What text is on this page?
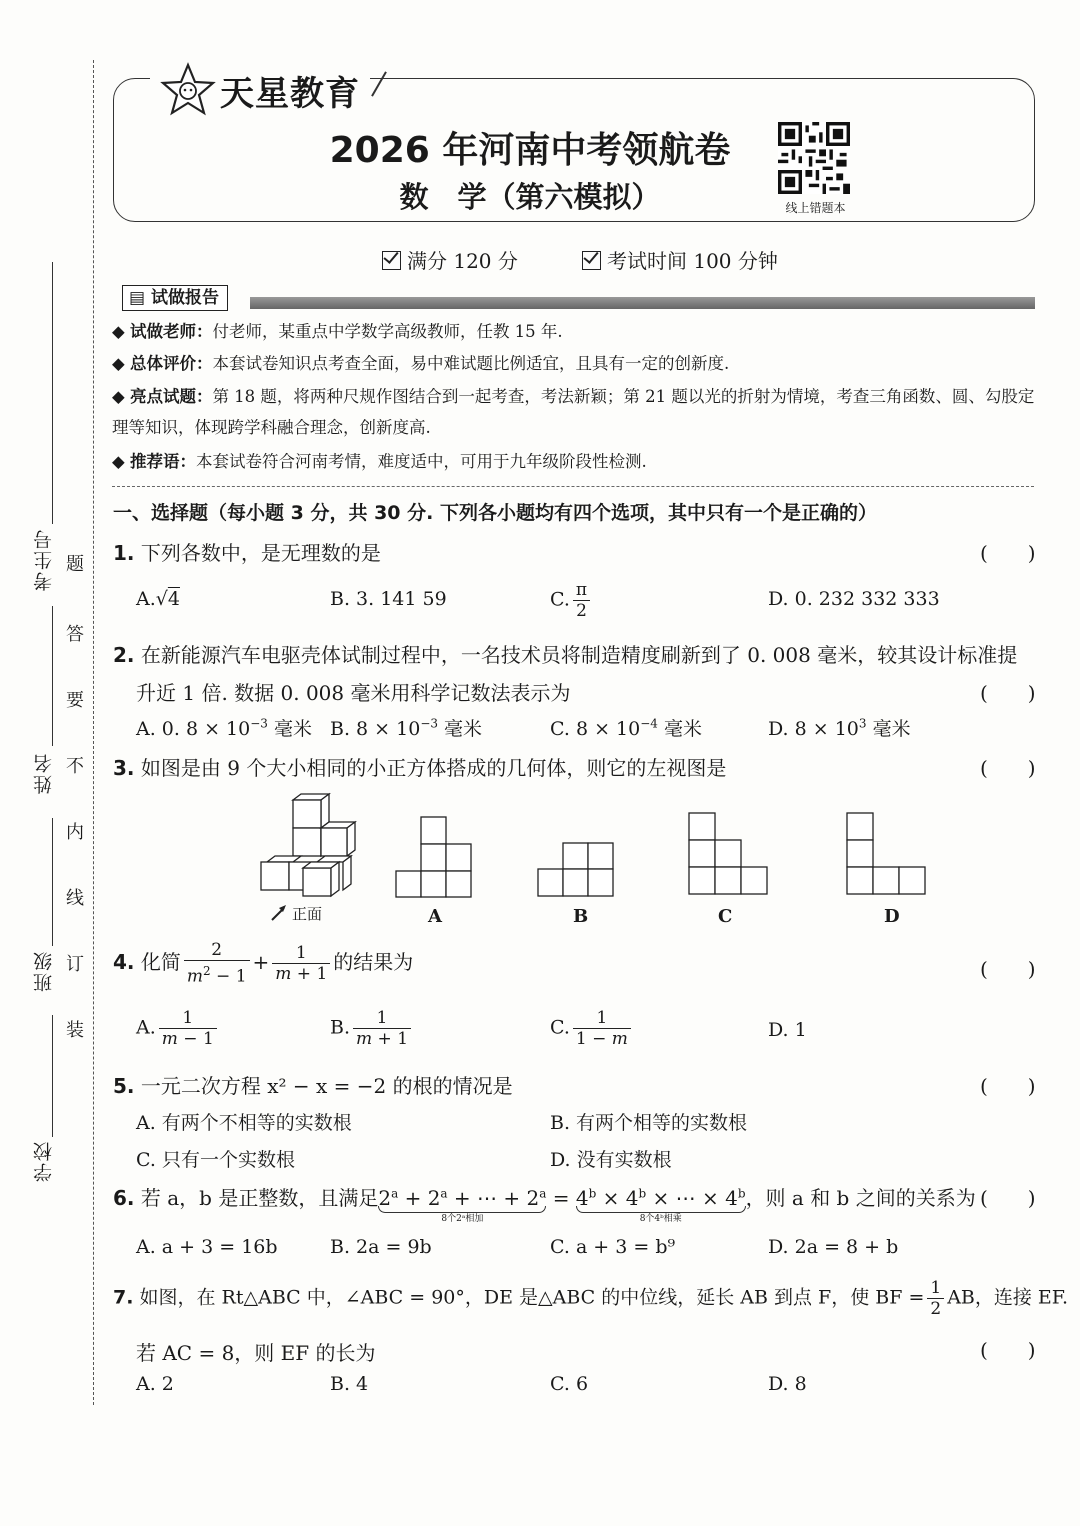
考生号
姓名
班级
学校
题
答
要
不
内
线
订
装
天星教育
2026 年河南中考领航卷
数　学（第六模拟）	线上错题本
满分 120 分	考试时间 100 分钟
▤ 试做报告
◆ 试做老师：付老师，某重点中学数学高级教师，任教 15 年.
◆ 总体评价：本套试卷知识点考查全面，易中难试题比例适宜，且具有一定的创新度.
◆ 亮点试题：第 18 题，将两种尺规作图结合到一起考查，考法新颖；第 21 题以光的折射为情境，考查三角函数、圆、勾股定理等知识，体现跨学科融合理念，创新度高.
◆ 推荐语：本套试卷符合河南考情，难度适中，可用于九年级阶段性检测.
一、选择题（每小题 3 分，共 30 分. 下列各小题均有四个选项，其中只有一个是正确的）
1. 下列各数中，是无理数的是	(　　)
A.√4	B. 3. 141 59	C. $\frac{\pi}{2}$	D. 0. 232 332 333
2. 在新能源汽车电驱壳体试制过程中，一名技术员将制造精度刷新到了 0. 008 毫米，较其设计标准提
升近 1 倍. 数据 0. 008 毫米用科学记数法表示为	(　　)
A. 0. $8 \times 10^{-3}$ 毫米 B. $8 \times 10^{-3}$ 毫米	C. $8 \times 10^{-4}$ 毫米	D. $8 \times 10^3$ 毫米
3. 如图是由 9 个大小相同的小正方体搭成的几何体，则它的左视图是	(　　)
正面	A	B	C	D
4. 化简 $\frac{2}{m^2 - 1} + \frac{1}{m + 1}$ 的结果为	(　　)
A. $\frac{1}{m - 1}$	B. $\frac{1}{m + 1}$	C. $\frac{1}{1 - m}$	D. 1
5. 一元二次方程 x² − x = −2 的根的情况是	(　　)
A. 有两个不相等的实数根	B. 有两个相等的实数根
C. 只有一个实数根	D. 没有实数根
6. 若 a，b 是正整数，且满足$2^a + 2^a$ + ⋯ + $2^a$
8个2ᵃ相加
= $4^b \times 4^b$ × ⋯ × $4^b$
8个4ᵇ相乘
，则 a 和 b 之间的关系为 (　　)
A. a + 3 = 16b	B. 2a = 9b	C. a + 3 = b⁹	D. 2a = 8 + b
7. 如图，在 Rt△ABC 中，∠ABC = 90°，DE 是△ABC 的中位线，延长 AB 到点 F，使 BF = $\frac{1}{2}$ AB，连接 EF.
若 AC = 8，则 EF 的长为	(　　)
A. 2	B. 4	C. 6	D. 8
